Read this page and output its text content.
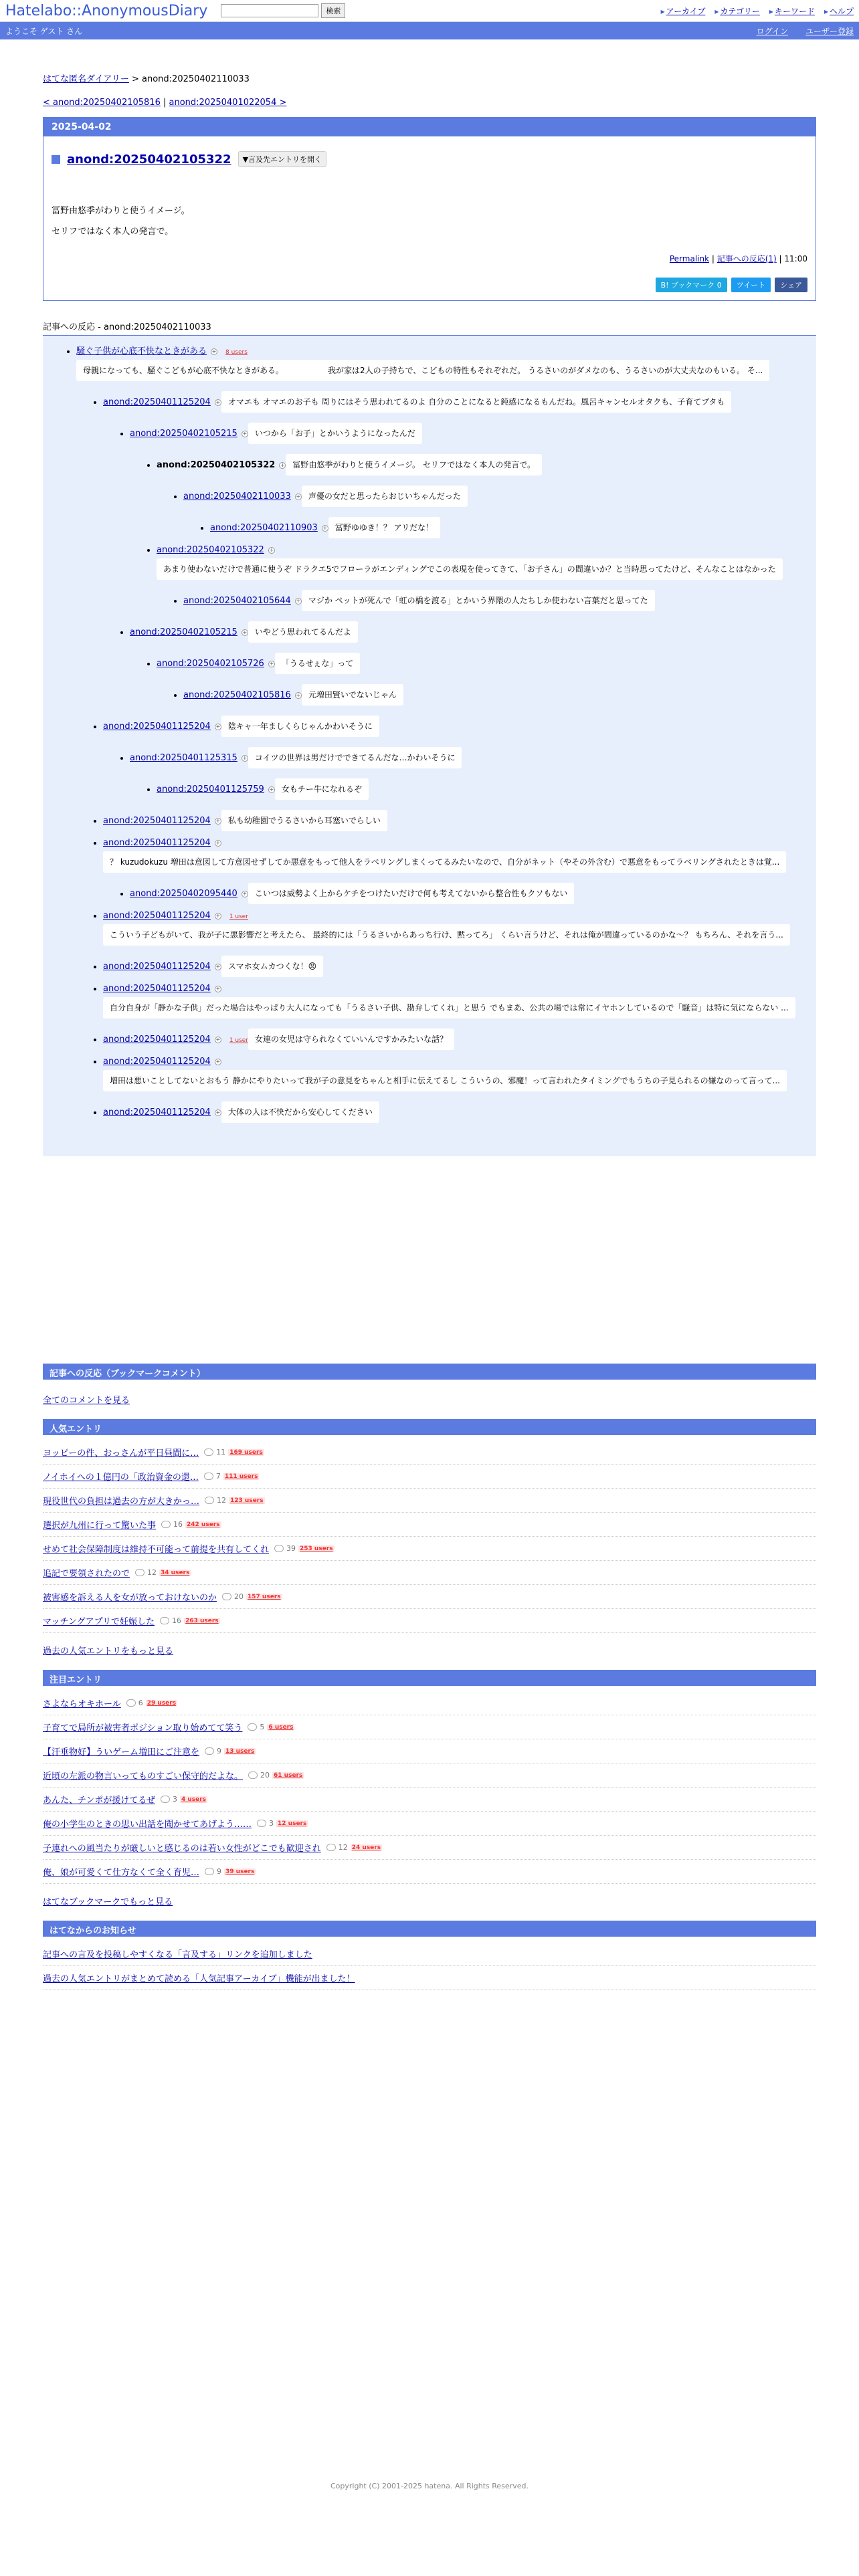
Hatelabo::AnonymousDiary	検索	▸ アーカイブ	▸ カテゴリー	▸ キーワード	▸ ヘルプ
ようこそ ゲスト さん	ログイン ユーザー登録
はてな匿名ダイアリー > anond:20250402110033
< anond:20250402105816 | anond:20250401022054 >
2025-04-02
anond:20250402105322	▼言及先エントリを開く

冨野由悠季がわりと使うイメージ。

セリフではなく本人の発言で。

Permalink | 記事への反応(1) | 11:00
B! ブックマーク 0	ツイート	シェア
記事への反応 - anond:20250402110033
• 騒ぐ子供が心底不快なときがある + 8 users 母親になっても、騒ぐこどもが心底不快なときがある。　　　　　　我が家は2人の子持ちで、こどもの特性もそれぞれだ。 うるさいのがダメなのも、うるさいのが大丈夫なのもいる。 そ...
• anond:20250401125204 + オマエも オマエのお子も 周りにはそう思われてるのよ 自分のことになると鈍感になるもんだね。風呂キャンセルオタクも、子育てブタも
• anond:20250402105215 + いつから「お子」とかいうようになったんだ
• anond:20250402105322 + 冨野由悠季がわりと使うイメージ。 セリフではなく本人の発言で。
• anond:20250402110033 + 声優の女だと思ったらおじいちゃんだった
• anond:20250402110903 + 冨野ゆゆき！？ アリだな！
• anond:20250402105322 +あまり使わないだけで普通に使うぞ ドラクエ5でフローラがエンディングでこの表現を使ってきて、「お子さん」の間違いか？と当時思ってたけど、そんなことはなかった
• anond:20250402105644 + マジか ペットが死んで「虹の橋を渡る」とかいう界隈の人たちしか使わない言葉だと思ってた
• anond:20250402105215 + いやどう思われてるんだよ
• anond:20250402105726 + 「うるせぇな」って
• anond:20250402105816 + 元増田賢いでないじゃん
• anond:20250401125204 + 陰キャ一年ましくらじゃんかわいそうに
• anond:20250401125315 + コイツの世界は男だけでできてるんだな…かわいそうに
• anond:20250401125759 + 女もチー牛になれるぞ
• anond:20250401125204 + 私も幼稚園でうるさいから耳塞いでらしい
• anond:20250401125204 +？ kuzudokuzu 増田は意図して方意図せずしてか悪意をもって他人をラベリングしまくってるみたいなので、自分がネット（やその外含む）で悪意をもってラベリングされたときは覚...
• anond:20250402095440 + こいつは威勢よく上からケチをつけたいだけで何も考えてないから整合性もクソもない
• anond:20250401125204 + 1 userこういう子どもがいて、我が子に悪影響だと考えたら、 最終的には「うるさいからあっち行け、黙ってろ」 くらい言うけど、それは俺が間違っているのかな〜？ もちろん、それを言う...
• anond:20250401125204 + スマホ女ムカつくな！😣
• anond:20250401125204 +自分自身が「静かな子供」だった場合はやっぱり大人になっても「うるさい子供、勘弁してくれ」と思う でもまあ、公共の場では常にイヤホンしているので「騒音」は特に気にならない ...
• anond:20250401125204 + 1 user 女連の女児は守られなくていいんですかみたいな話？
• anond:20250401125204 +増田は悪いことしてないとおもう 静かにやりたいって我が子の意見をちゃんと相手に伝えてるし こういうの、邪魔！って言われたタイミングでもうちの子見られるの嫌なのって言って...
• anond:20250401125204 + 大体の人は不快だから安心してください
記事への反応（ブックマークコメント）
全てのコメントを見る
人気エントリ
ヨッピーの件、おっさんが平日昼間に… 11 169 users
ノイホイへの１億円の「政治資金の還… 7 111 users
現役世代の負担は過去の方が大きかっ… 12 123 users
選択が九州に行って驚いた事 16 242 users
せめて社会保障制度は維持不可能って前提を共有してくれ 39 253 users
追記で要領されたので 12 34 users
被害感を訴える人を女が放っておけないのか 20 157 users
マッチングアプリで妊娠した 16 263 users
過去の人気エントリをもっと見る
注目エントリ
さよならオキホール 6 29 users
子育てで局所が被害者ポジション取り始めてて笑う 5 6 users
【汗垂物好】ういゲーム増田にご注意を 9 13 users
近頃の左派の物言いってものすごい保守的だよな。 20 61 users
あんた、チンポが援けてるぜ 3 4 users
俺の小学生のときの思い出話を聞かせてあげよう…… 3 12 users
子連れへの風当たりが厳しいと感じるのは若い女性がどこでも歓迎され 12 24 users
俺、娘が可愛くて仕方なくて全く育児… 9 39 users
はてなブックマークでもっと見る
はてなからのお知らせ
記事への言及を投稿しやすくなる「言及する」リンクを追加しました
過去の人気エントリがまとめて読める「人気記事アーカイブ」機能が出ました！
Copyright (C) 2001-2025 hatena. All Rights Reserved.
